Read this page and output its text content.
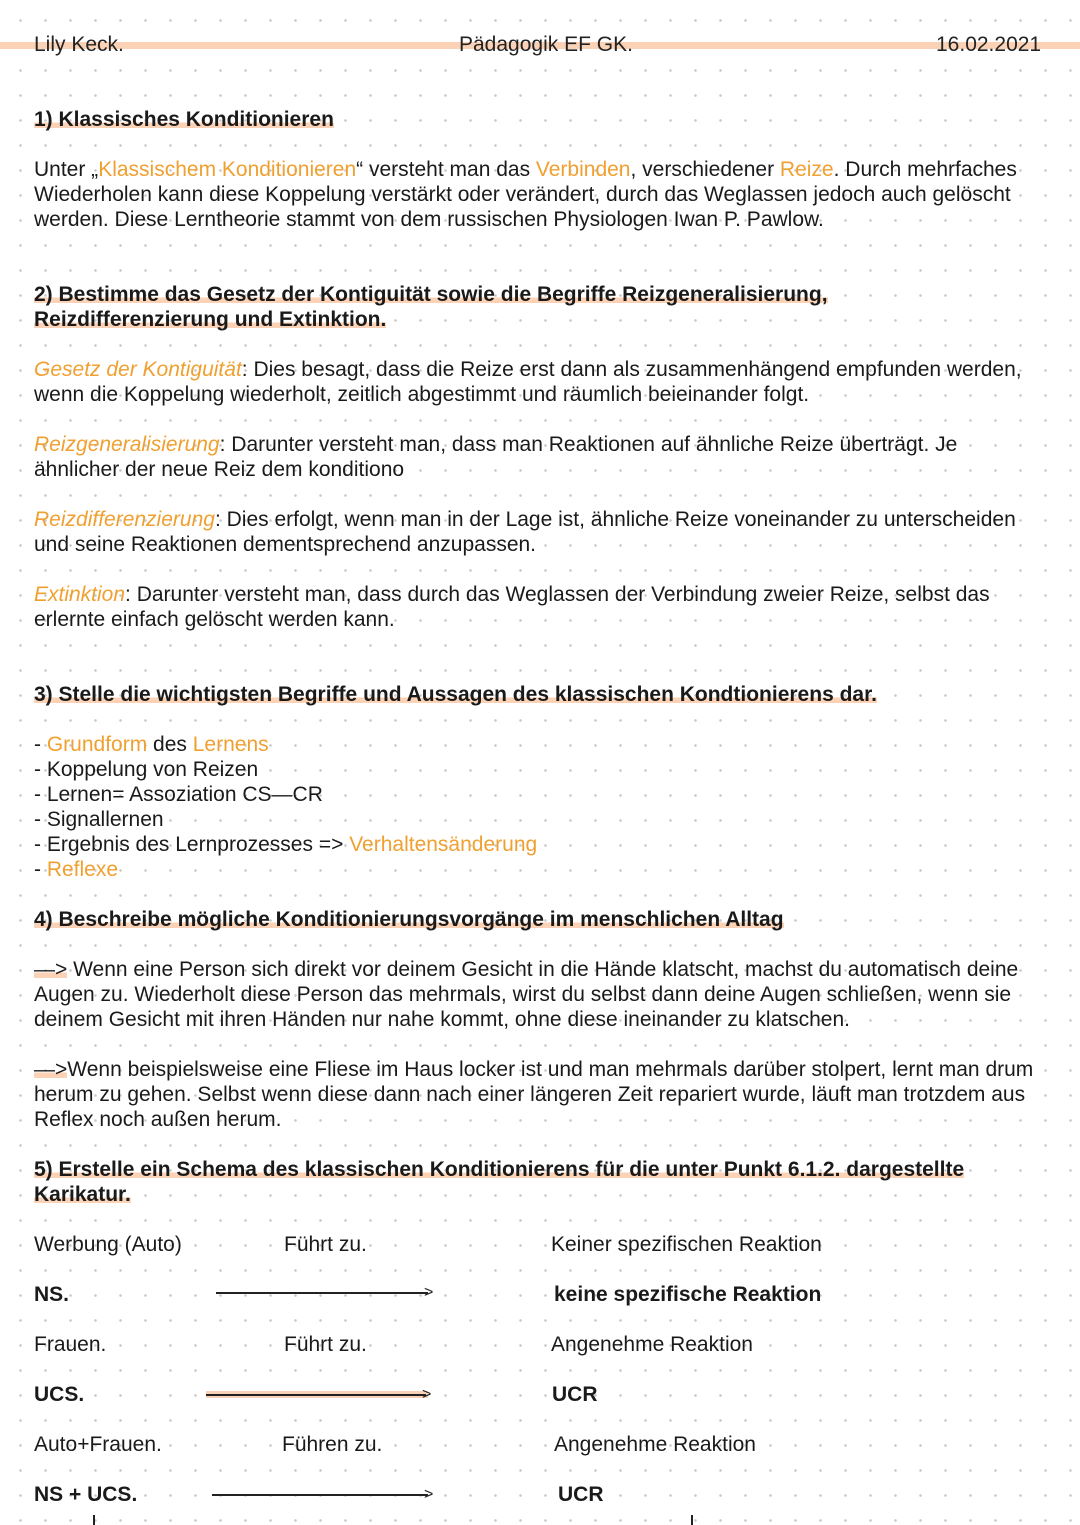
Lily Keck.	Pädagogik EF GK.	16.02.2021
1) Klassisches Konditionieren
Unter „Klassischem Konditionieren“ versteht man das Verbinden, verschiedener Reize. Durch mehrfaches Wiederholen kann diese Koppelung verstärkt oder verändert, durch das Weglassen jedoch auch gelöscht werden. Diese Lerntheorie stammt von dem russischen Physiologen Iwan P. Pawlow.
2) Bestimme das Gesetz der Kontiguität sowie die Begriffe Reizgeneralisierung,
Reizdifferenzierung und Extinktion.
Gesetz der Kontiguität: Dies besagt, dass die Reize erst dann als zusammenhängend empfunden werden, wenn die Koppelung wiederholt, zeitlich abgestimmt und räumlich beieinander folgt.
Reizgeneralisierung: Darunter versteht man, dass man Reaktionen auf ähnliche Reize überträgt. Je ähnlicher der neue Reiz dem konditiono
Reizdifferenzierung: Dies erfolgt, wenn man in der Lage ist, ähnliche Reize voneinander zu unterscheiden und seine Reaktionen dementsprechend anzupassen.
Extinktion: Darunter versteht man, dass durch das Weglassen der Verbindung zweier Reize, selbst das erlernte einfach gelöscht werden kann.
3) Stelle die wichtigsten Begriffe und Aussagen des klassischen Kondtionierens dar.
- Grundform des Lernens
- Koppelung von Reizen
- Lernen= Assoziation CS—CR
- Signallernen
- Ergebnis des Lernprozesses => Verhaltensänderung
- Reflexe
4) Beschreibe mögliche Konditionierungsvorgänge im menschlichen Alltag
—> Wenn eine Person sich direkt vor deinem Gesicht in die Hände klatscht, machst du automatisch deine Augen zu. Wiederholt diese Person das mehrmals, wirst du selbst dann deine Augen schließen, wenn sie deinem Gesicht mit ihren Händen nur nahe kommt, ohne diese ineinander zu klatschen.
—>Wenn beispielsweise eine Fliese im Haus locker ist und man mehrmals darüber stolpert, lernt man drum herum zu gehen. Selbst wenn diese dann nach einer längeren Zeit repariert wurde, läuft man trotzdem aus Reflex noch außen herum.
5) Erstelle ein Schema des klassischen Konditionierens für die unter Punkt 6.1.2. dargestellte
Karikatur.
Werbung (Auto)	Führt zu.	Keiner spezifischen Reaktion
NS.	>	keine spezifische Reaktion
Frauen.	Führt zu.	Angenehme Reaktion
UCS.	>	UCR
Auto+Frauen.	Führen zu.	Angenehme Reaktion
NS + UCS.	>	UCR
